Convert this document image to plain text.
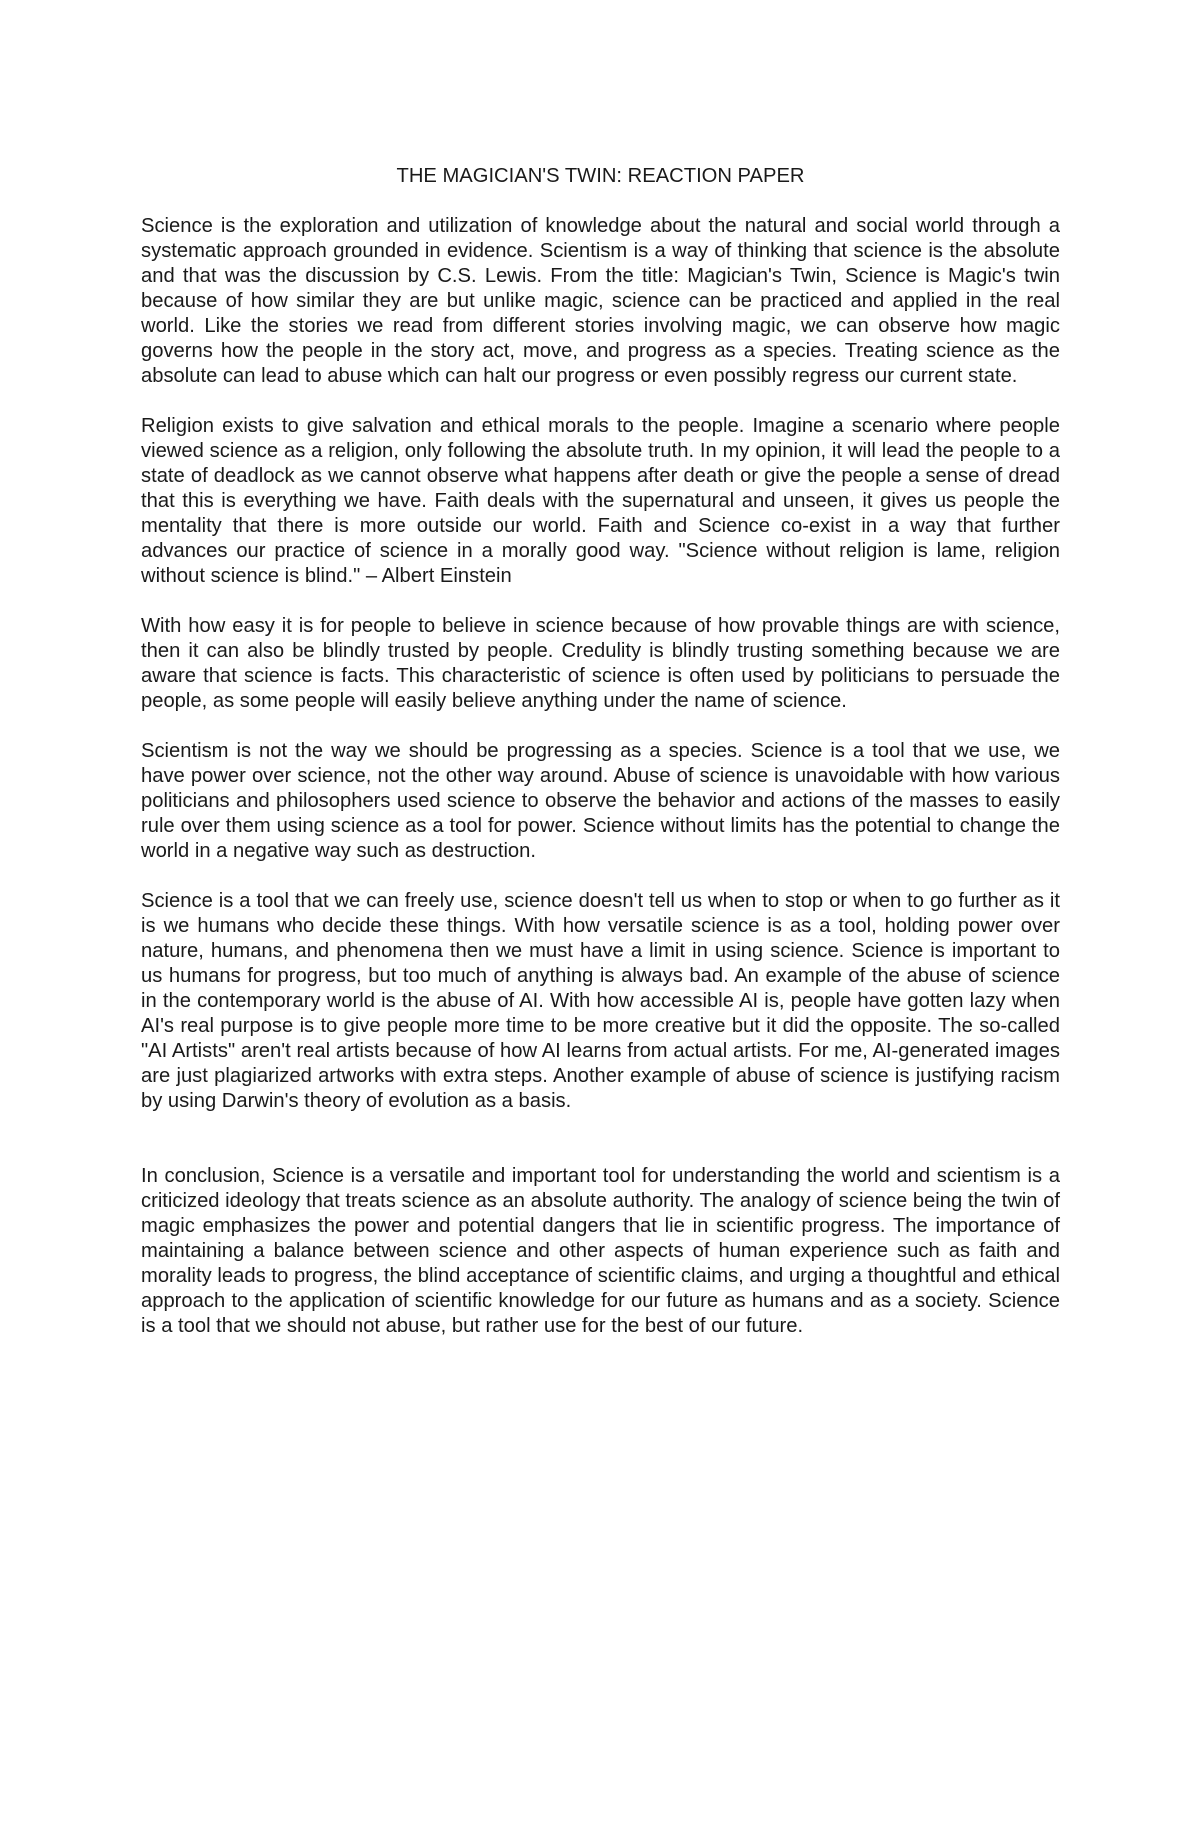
THE MAGICIAN'S TWIN: REACTION PAPER

Science is the exploration and utilization of knowledge about the natural and social world through a systematic approach grounded in evidence. Scientism is a way of thinking that science is the absolute and that was the discussion by C.S. Lewis. From the title: Magician's Twin, Science is Magic's twin because of how similar they are but unlike magic, science can be practiced and applied in the real world. Like the stories we read from different stories involving magic, we can observe how magic governs how the people in the story act, move, and progress as a species. Treating science as the absolute can lead to abuse which can halt our progress or even possibly regress our current state.

Religion exists to give salvation and ethical morals to the people. Imagine a scenario where people viewed science as a religion, only following the absolute truth. In my opinion, it will lead the people to a state of deadlock as we cannot observe what happens after death or give the people a sense of dread that this is everything we have. Faith deals with the supernatural and unseen, it gives us people the mentality that there is more outside our world. Faith and Science co-exist in a way that further advances our practice of science in a morally good way. "Science without religion is lame, religion without science is blind." – Albert Einstein

With how easy it is for people to believe in science because of how provable things are with science, then it can also be blindly trusted by people. Credulity is blindly trusting something because we are aware that science is facts. This characteristic of science is often used by politicians to persuade the people, as some people will easily believe anything under the name of science.

Scientism is not the way we should be progressing as a species. Science is a tool that we use, we have power over science, not the other way around. Abuse of science is unavoidable with how various politicians and philosophers used science to observe the behavior and actions of the masses to easily rule over them using science as a tool for power. Science without limits has the potential to change the world in a negative way such as destruction.

Science is a tool that we can freely use, science doesn't tell us when to stop or when to go further as it is we humans who decide these things. With how versatile science is as a tool, holding power over nature, humans, and phenomena then we must have a limit in using science. Science is important to us humans for progress, but too much of anything is always bad. An example of the abuse of science in the contemporary world is the abuse of AI. With how accessible AI is, people have gotten lazy when AI's real purpose is to give people more time to be more creative but it did the opposite. The so-called "AI Artists" aren't real artists because of how AI learns from actual artists. For me, AI-generated images are just plagiarized artworks with extra steps. Another example of abuse of science is justifying racism by using Darwin's theory of evolution as a basis.

In conclusion, Science is a versatile and important tool for understanding the world and scientism is a criticized ideology that treats science as an absolute authority. The analogy of science being the twin of magic emphasizes the power and potential dangers that lie in scientific progress. The importance of maintaining a balance between science and other aspects of human experience such as faith and morality leads to progress, the blind acceptance of scientific claims, and urging a thoughtful and ethical approach to the application of scientific knowledge for our future as humans and as a society. Science is a tool that we should not abuse, but rather use for the best of our future.
